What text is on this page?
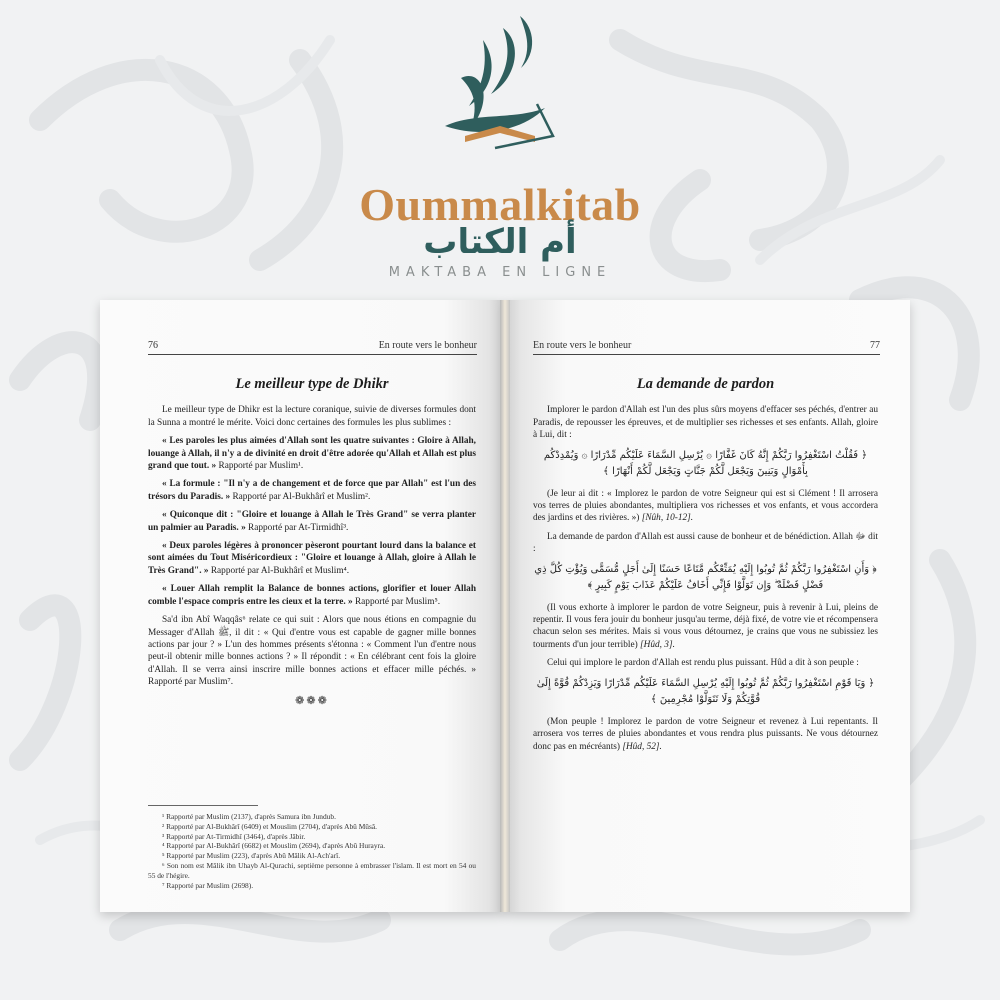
Oummalkitab
أم الكتاب
MAKTABA EN LIGNE
76	En route vers le bonheur
Le meilleur type de Dhikr

Le meilleur type de Dhikr est la lecture coranique, suivie de diverses formules dont la Sunna a montré le mérite. Voici donc certaines des formules les plus sublimes :

« Les paroles les plus aimées d'Allah sont les quatre suivantes : Gloire à Allah, louange à Allah, il n'y a de divinité en droit d'être adorée qu'Allah et Allah est plus grand que tout. » Rapporté par Muslim¹.

« La formule : "Il n'y a de changement et de force que par Allah" est l'un des trésors du Paradis. » Rapporté par Al-Bukhârî et Muslim².

« Quiconque dit : "Gloire et louange à Allah le Très Grand" se verra planter un palmier au Paradis. » Rapporté par At-Tirmidhî³.

« Deux paroles légères à prononcer pèseront pourtant lourd dans la balance et sont aimées du Tout Miséricordieux : "Gloire et louange à Allah, gloire à Allah le Très Grand". » Rapporté par Al-Bukhârî et Muslim⁴.

« Louer Allah remplit la Balance de bonnes actions, glorifier et louer Allah comble l'espace compris entre les cieux et la terre. » Rapporté par Muslim⁵.

Sa'd ibn Abî Waqqâs⁶ relate ce qui suit : Alors que nous étions en compagnie du Messager d'Allah ﷺ, il dit : « Qui d'entre vous est capable de gagner mille bonnes actions par jour ? » L'un des hommes présents s'étonna : « Comment l'un d'entre nous peut-il obtenir mille bonnes actions ? » Il répondit : « En célébrant cent fois la gloire d'Allah. Il se verra ainsi inscrire mille bonnes actions et effacer mille péchés. » Rapporté par Muslim⁷.

❁❁❁

¹ Rapporté par Muslim (2137), d'après Samura ibn Jundub.

² Rapporté par Al-Bukhârî (6409) et Mouslim (2704), d'après Abû Mûsâ.

³ Rapporté par At-Tirmidhî (3464), d'après Jâbir.

⁴ Rapporté par Al-Bukhârî (6682) et Mouslim (2694), d'après Abû Hurayra.

⁵ Rapporté par Muslim (223), d'après Abû Mâlik Al-Ach'arî.

⁶ Son nom est Mâlik ibn Uhayb Al-Qurachi, septième personne à embrasser l'islam. Il est mort en 54 ou 55 de l'hégire.

⁷ Rapporté par Muslim (2698).

En route vers le bonheur	77
La demande de pardon

Implorer le pardon d'Allah est l'un des plus sûrs moyens d'effacer ses péchés, d'entrer au Paradis, de repousser les épreuves, et de multiplier ses richesses et ses enfants. Allah, gloire à Lui, dit :

﴿ فَقُلْتُ اسْتَغْفِرُوا رَبَّكُمْ إِنَّهُ كَانَ غَفَّارًا ۞ يُرْسِلِ السَّمَاءَ عَلَيْكُم مِّدْرَارًا ۞ وَيُمْدِدْكُم بِأَمْوَالٍ وَبَنِينَ وَيَجْعَل لَّكُمْ جَنَّاتٍ وَيَجْعَل لَّكُمْ أَنْهَارًا ﴾

(Je leur ai dit : « Implorez le pardon de votre Seigneur qui est si Clément ! Il arrosera vos terres de pluies abondantes, multipliera vos richesses et vos enfants, et vous accordera des jardins et des rivières. ») [Nûh, 10-12].

La demande de pardon d'Allah est aussi cause de bonheur et de bénédiction. Allah ﷻ dit :

﴿ وَأَنِ اسْتَغْفِرُوا رَبَّكُمْ ثُمَّ تُوبُوا إِلَيْهِ يُمَتِّعْكُم مَّتَاعًا حَسَنًا إِلَىٰ أَجَلٍ مُّسَمًّى وَيُؤْتِ كُلَّ ذِي فَضْلٍ فَضْلَهُ ۖ وَإِن تَوَلَّوْا فَإِنِّي أَخَافُ عَلَيْكُمْ عَذَابَ يَوْمٍ كَبِيرٍ ﴾

(Il vous exhorte à implorer le pardon de votre Seigneur, puis à revenir à Lui, pleins de repentir. Il vous fera jouir du bonheur jusqu'au terme, déjà fixé, de votre vie et récompensera chacun selon ses mérites. Mais si vous vous détournez, je crains que vous ne subissiez les tourments d'un jour terrible) [Hûd, 3].

Celui qui implore le pardon d'Allah est rendu plus puissant. Hûd a dit à son peuple :

﴿ وَيَا قَوْمِ اسْتَغْفِرُوا رَبَّكُمْ ثُمَّ تُوبُوا إِلَيْهِ يُرْسِلِ السَّمَاءَ عَلَيْكُم مِّدْرَارًا وَيَزِدْكُمْ قُوَّةً إِلَىٰ قُوَّتِكُمْ وَلَا تَتَوَلَّوْا مُجْرِمِينَ ﴾

(Mon peuple ! Implorez le pardon de votre Seigneur et revenez à Lui repentants. Il arrosera vos terres de pluies abondantes et vous rendra plus puissants. Ne vous détournez donc pas en mécréants) [Hûd, 52].
